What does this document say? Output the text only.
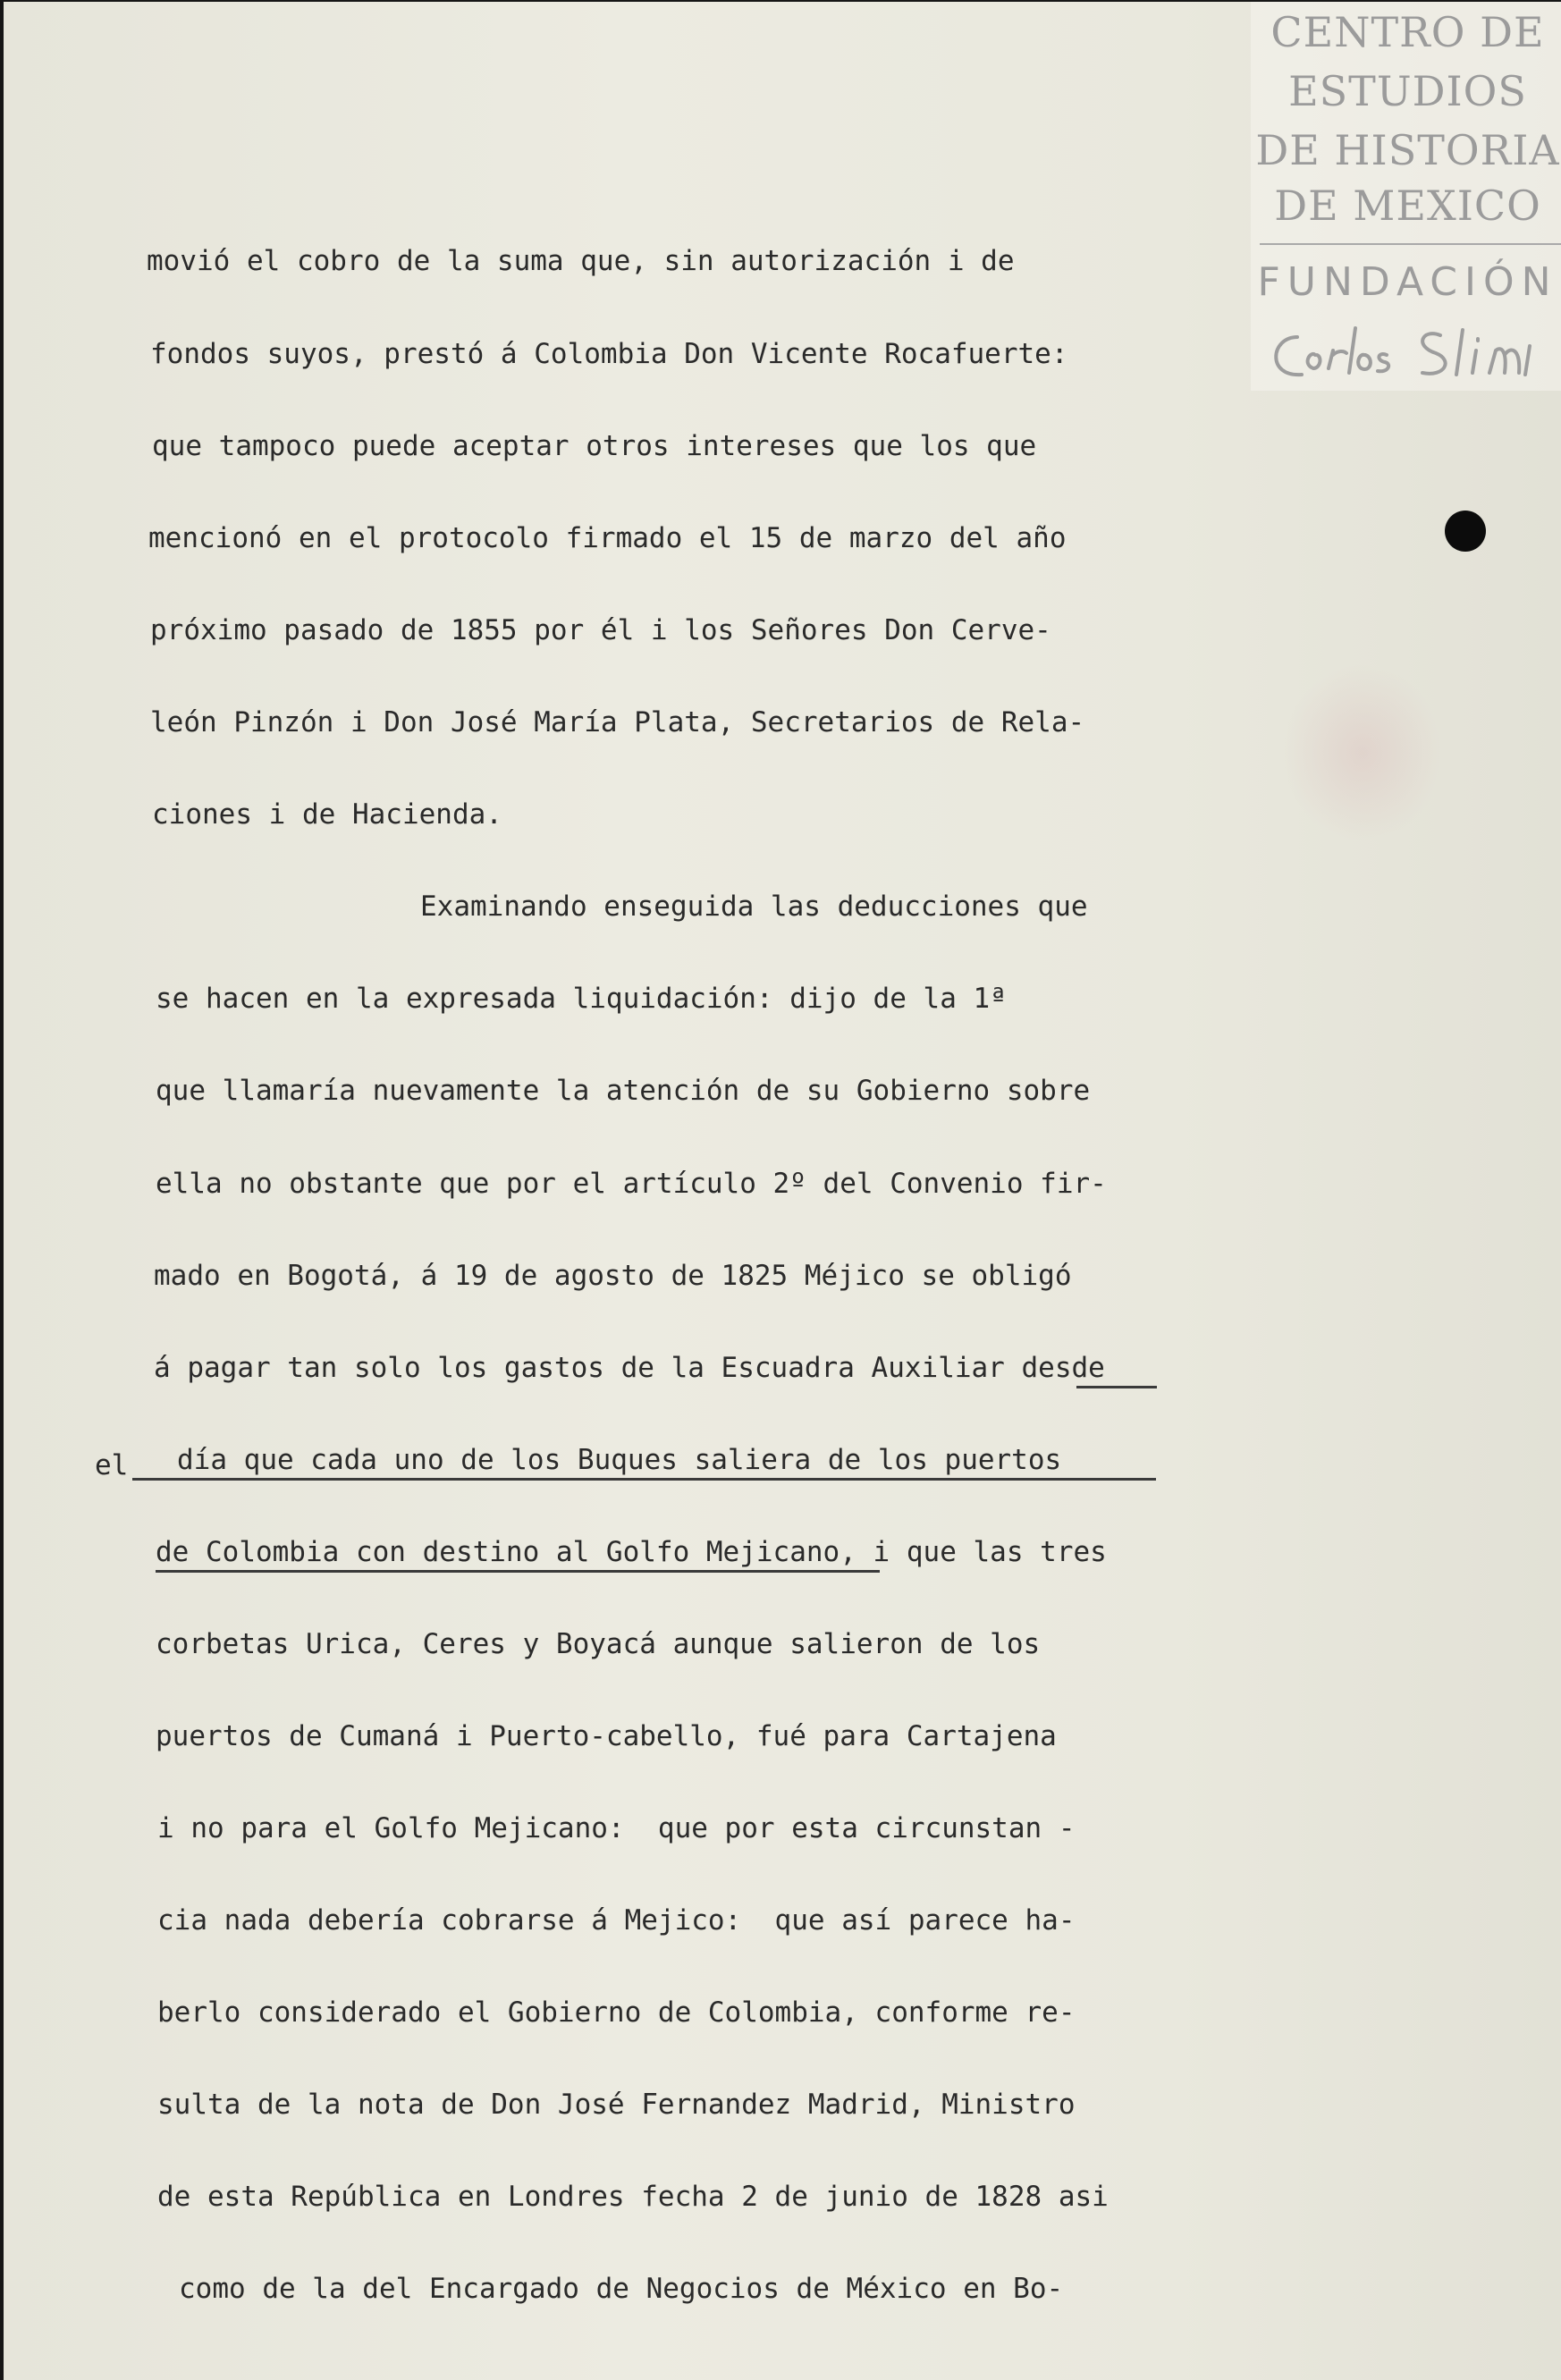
CENTRO DE
ESTUDIOS
DE HISTORIA
DE MEXICO
FUNDACIÓN
movió el cobro de la suma que, sin autorización i de
fondos suyos, prestó á Colombia Don Vicente Rocafuerte:
que tampoco puede aceptar otros intereses que los que
mencionó en el protocolo firmado el 15 de marzo del año
próximo pasado de 1855 por él i los Señores Don Cerve-
león Pinzón i Don José María Plata, Secretarios de Rela-
ciones i de Hacienda.
Examinando enseguida las deducciones que
se hacen en la expresada liquidación: dijo de la 1ª
que llamaría nuevamente la atención de su Gobierno sobre
ella no obstante que por el artículo 2º del Convenio fir-
mado en Bogotá, á 19 de agosto de 1825 Méjico se obligó
á pagar tan solo los gastos de la Escuadra Auxiliar desde
el día que cada uno de los Buques saliera de los puertos
de Colombia con destino al Golfo Mejicano, i que las tres
corbetas Urica, Ceres y Boyacá aunque salieron de los
puertos de Cumaná i Puerto-cabello, fué para Cartajena
i no para el Golfo Mejicano:  que por esta circunstan -
cia nada debería cobrarse á Mejico:  que así parece ha-
berlo considerado el Gobierno de Colombia, conforme re-
sulta de la nota de Don José Fernandez Madrid, Ministro
de esta República en Londres fecha 2 de junio de 1828 asi
como de la del Encargado de Negocios de México en Bo-
